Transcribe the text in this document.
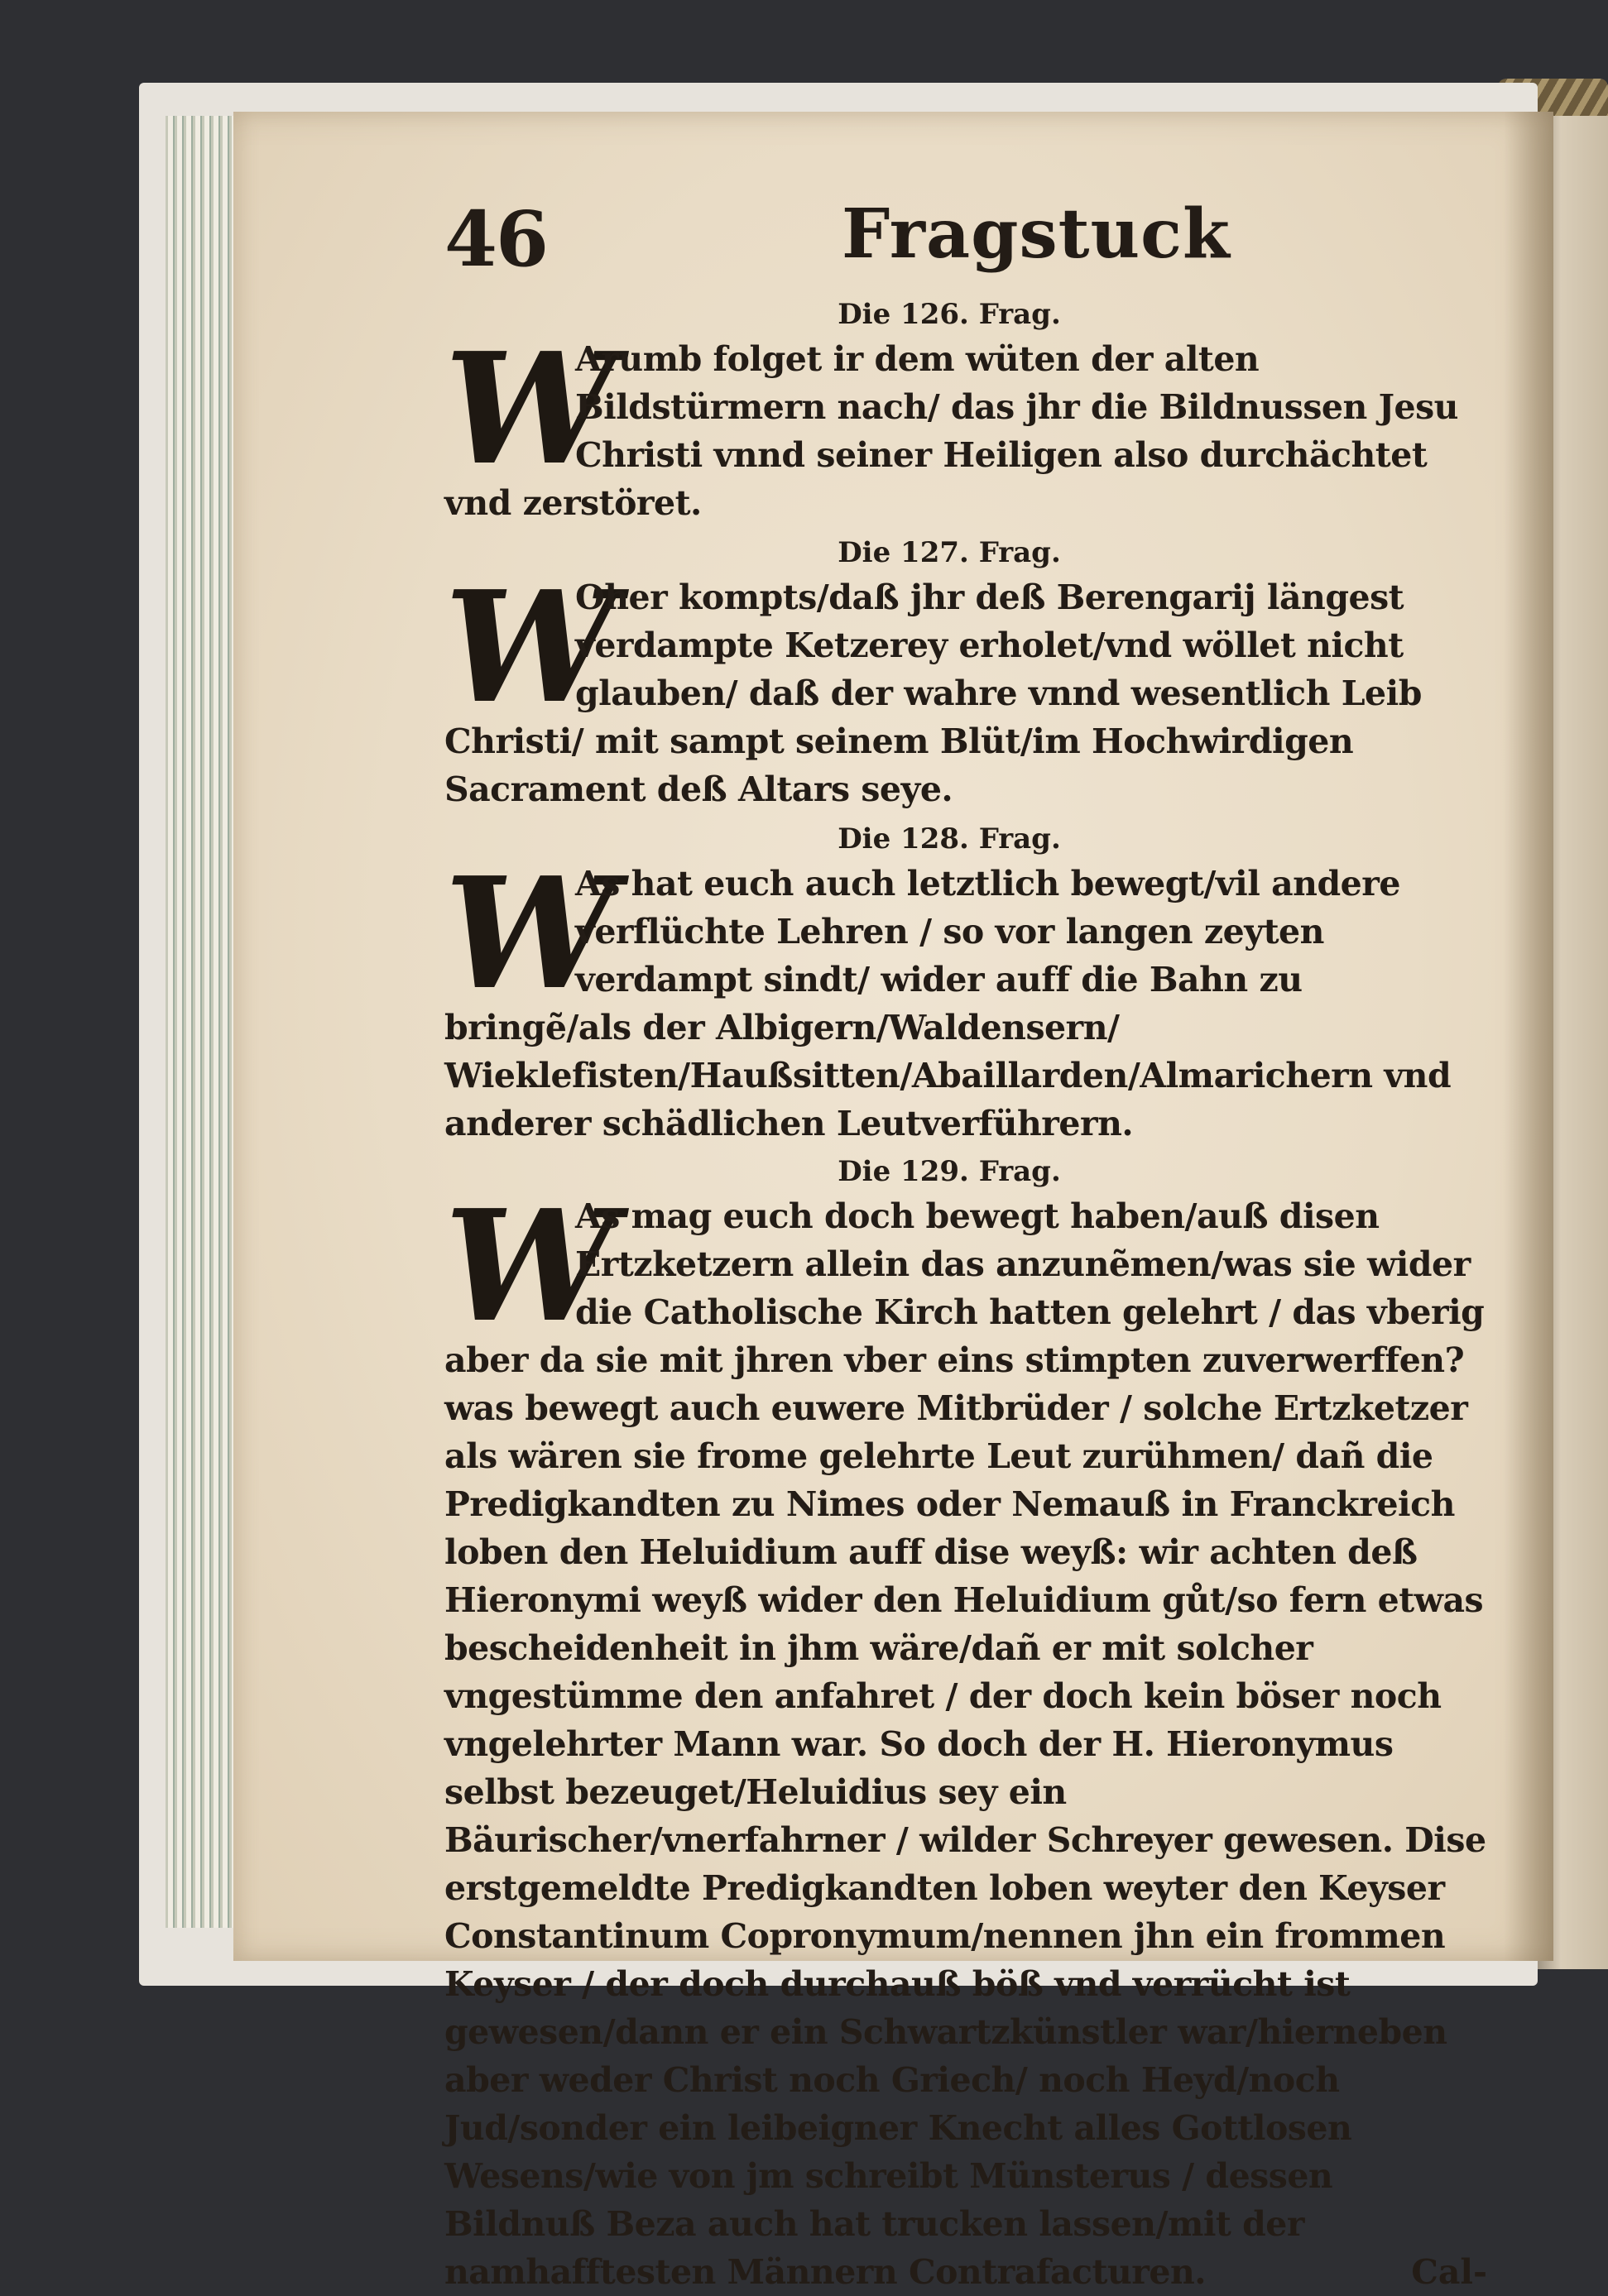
46	Fragstuck
Die 126. Frag.
W

Arumb folget ir dem wüten der alten Bildstürmern nach/ das jhr die Bildnussen Jesu Christi vnnd seiner Heiligen also durchächtet vnd zerstöret.

Die 127. Frag.
W

Oher kompts/daß jhr deß Berengarij längest verdampte Ketzerey erholet/vnd wöllet nicht glauben/ daß der wahre vnnd wesentlich Leib Christi/ mit sampt seinem Blüt/im Hochwirdigen Sacrament deß Altars seye.

Die 128. Frag.
W

As hat euch auch letztlich bewegt/vil andere verflüchte Lehren / so vor langen zeyten verdampt sindt/ wider auff die Bahn zu bringẽ/als der Albigern/Waldensern/ Wieklefisten/Haußsitten/Abaillarden/Almarichern vnd anderer schädlichen Leutverführern.

Die 129. Frag.
W

As mag euch doch bewegt haben/auß disen Ertzketzern allein das anzunẽmen/was sie wider die Catholische Kirch hatten gelehrt / das vberig aber da sie mit jhren vber eins stimpten zuverwerffen? was bewegt auch euwere Mitbrüder / solche Ertzketzer als wären sie frome gelehrte Leut zurühmen/ dañ die Predigkandten zu Nimes oder Nemauß in Franckreich loben den Heluidium auff dise weyß: wir achten deß Hieronymi weyß wider den Heluidium gůt/so fern etwas bescheidenheit in jhm wäre/dañ er mit solcher vngestümme den anfahret / der doch kein böser noch vngelehrter Mann war. So doch der H. Hieronymus selbst bezeuget/Heluidius sey ein Bäurischer/vnerfahrner / wilder Schreyer gewesen. Dise erstgemeldte Predigkandten loben weyter den Keyser Constantinum Copronymum/nennen jhn ein frommen Keyser / der doch durchauß böß vnd verrücht ist gewesen/dann er ein Schwartzkünstler war/hierneben aber weder Christ noch Griech/ noch Heyd/noch Jud/sonder ein leibeigner Knecht alles Gottlosen Wesens/wie von jm schreibt Münsterus / dessen Bildnuß Beza auch hat trucken lassen/mit der namhafftesten Männern Contrafacturen.	Cal-
